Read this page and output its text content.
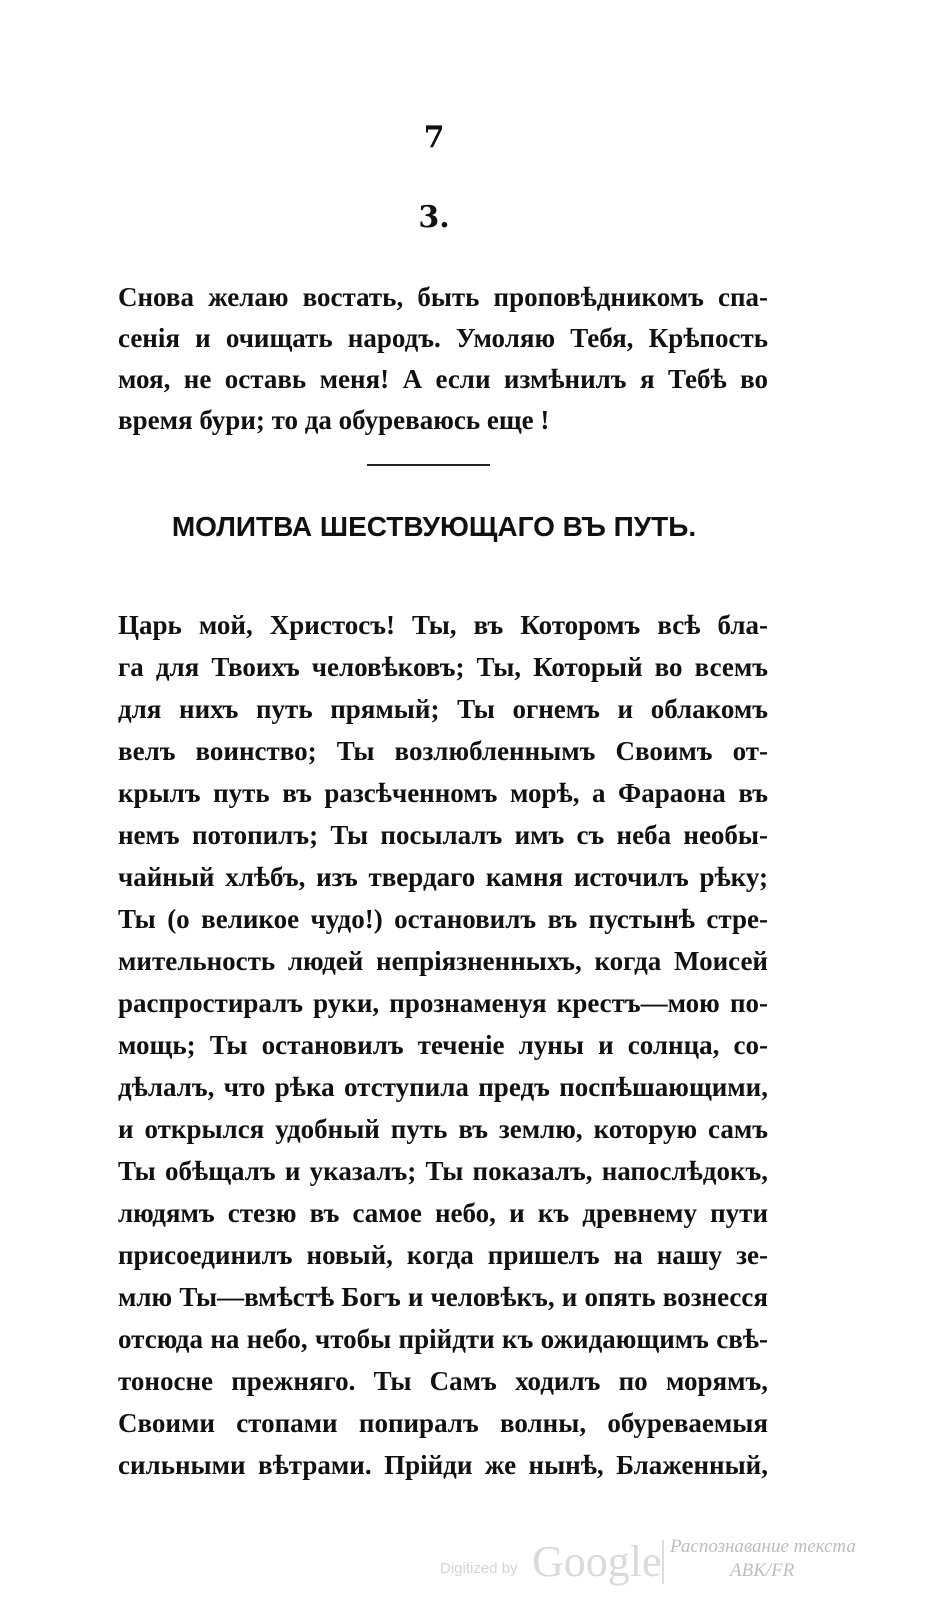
7
3.
Снова желаю востать, быть проповѣдникомъ спа-
сенія и очищать народъ. Умоляю Тебя, Крѣпость
моя, не оставь меня! А если измѣнилъ я Тебѣ во
время бури; то да обуреваюсь еще !
МОЛИТВА ШЕСТВУЮЩАГО ВЪ ПУТЬ.
Царь мой, Христосъ! Ты, въ Которомъ всѣ бла-
га для Твоихъ человѣковъ; Ты, Который во всемъ
для нихъ путь прямый; Ты огнемъ и облакомъ
велъ воинство; Ты возлюбленнымъ Своимъ от-
крылъ путь въ разсѣченномъ морѣ, а Фараона въ
немъ потопилъ; Ты посылалъ имъ съ неба необы-
чайный хлѣбъ, изъ твердаго камня источилъ рѣку;
Ты (о великое чудо!) остановилъ въ пустынѣ стре-
мительность людей непріязненныхъ, когда Моисей
распростиралъ руки, прознаменуя крестъ—мою по-
мощь; Ты остановилъ теченіе луны и солнца, со-
дѣлалъ, что рѣка отступила предъ поспѣшающими,
и открылся удобный путь въ землю, которую самъ
Ты обѣщалъ и указалъ; Ты показалъ, напослѣдокъ,
людямъ стезю въ самое небо, и къ древнему пути
присоединилъ новый, когда пришелъ на нашу зе-
млю Ты—вмѣстѣ Богъ и человѣкъ, и опять вознесся
отсюда на небо, чтобы прійдти къ ожидающимъ свѣ-
тоносне прежняго. Ты Самъ ходилъ по морямъ,
Своими стопами попиралъ волны, обуреваемыя
сильными вѣтрами. Прійди же нынѣ, Блаженный,
Digitized by Google Распознавание текста
ABK/FR
